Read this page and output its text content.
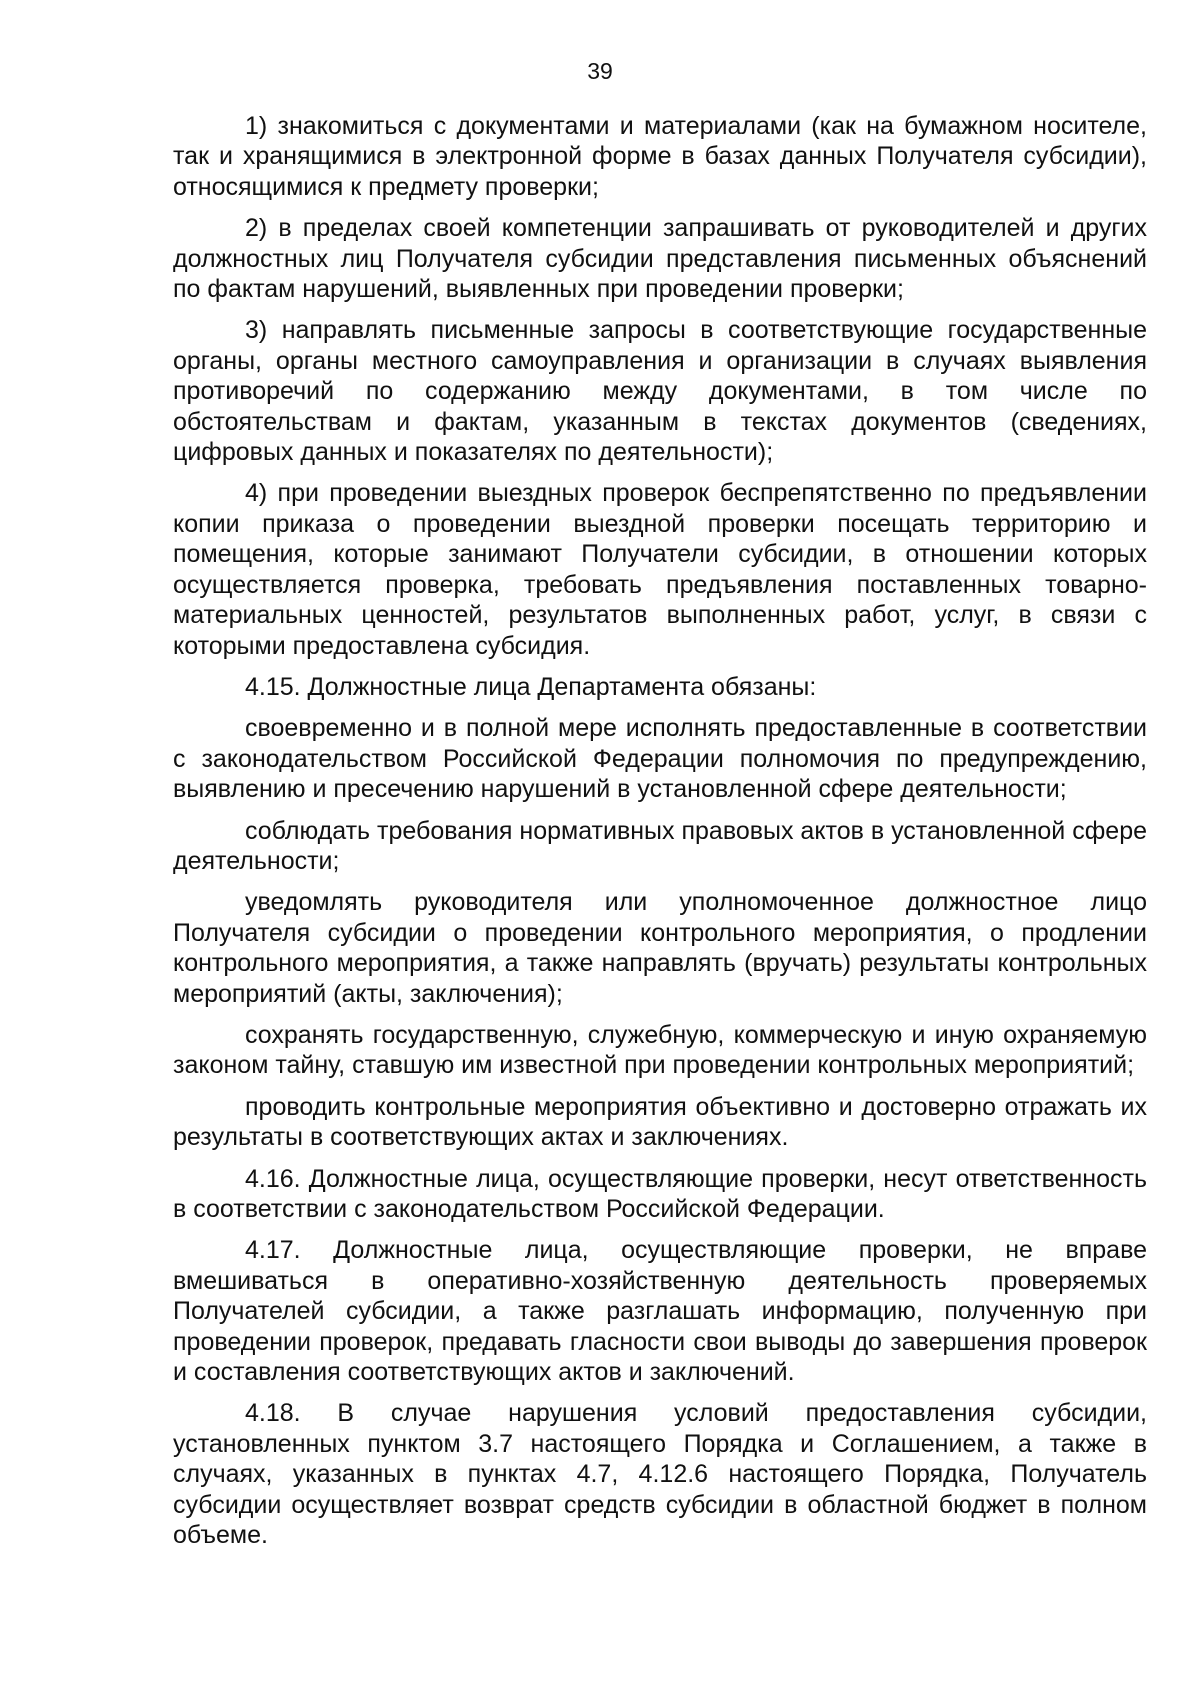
39

1) знакомиться с документами и материалами (как на бумажном носителе, так и хранящимися в электронной форме в базах данных Получателя субсидии), относящимися к предмету проверки;

2) в пределах своей компетенции запрашивать от руководителей и других должностных лиц Получателя субсидии представления письменных объяснений по фактам нарушений, выявленных при проведении проверки;

3) направлять письменные запросы в соответствующие государственные органы, органы местного самоуправления и организации в случаях выявления противоречий по содержанию между документами, в том числе по обстоятельствам и фактам, указанным в текстах документов (сведениях, цифровых данных и показателях по деятельности);

4) при проведении выездных проверок беспрепятственно по предъявлении копии приказа о проведении выездной проверки посещать территорию и помещения, которые занимают Получатели субсидии, в отношении которых осуществляется проверка, требовать предъявления поставленных товарно-материальных ценностей, результатов выполненных работ, услуг, в связи с которыми предоставлена субсидия.

4.15. Должностные лица Департамента обязаны:

своевременно и в полной мере исполнять предоставленные в соответствии с законодательством Российской Федерации полномочия по предупреждению, выявлению и пресечению нарушений в установленной сфере деятельности;

соблюдать требования нормативных правовых актов в установленной сфере деятельности;

уведомлять руководителя или уполномоченное должностное лицо Получателя субсидии о проведении контрольного мероприятия, о продлении контрольного мероприятия, а также направлять (вручать) результаты контрольных мероприятий (акты, заключения);

сохранять государственную, служебную, коммерческую и иную охраняемую законом тайну, ставшую им известной при проведении контрольных мероприятий;

проводить контрольные мероприятия объективно и достоверно отражать их результаты в соответствующих актах и заключениях.

4.16. Должностные лица, осуществляющие проверки, несут ответственность в соответствии с законодательством Российской Федерации.

4.17. Должностные лица, осуществляющие проверки, не вправе вмешиваться в оперативно-хозяйственную деятельность проверяемых Получателей субсидии, а также разглашать информацию, полученную при проведении проверок, предавать гласности свои выводы до завершения проверок и составления соответствующих актов и заключений.

4.18. В случае нарушения условий предоставления субсидии, установленных пунктом 3.7 настоящего Порядка и Соглашением, а также в случаях, указанных в пунктах 4.7, 4.12.6 настоящего Порядка, Получатель субсидии осуществляет возврат средств субсидии в областной бюджет в полном объеме.
